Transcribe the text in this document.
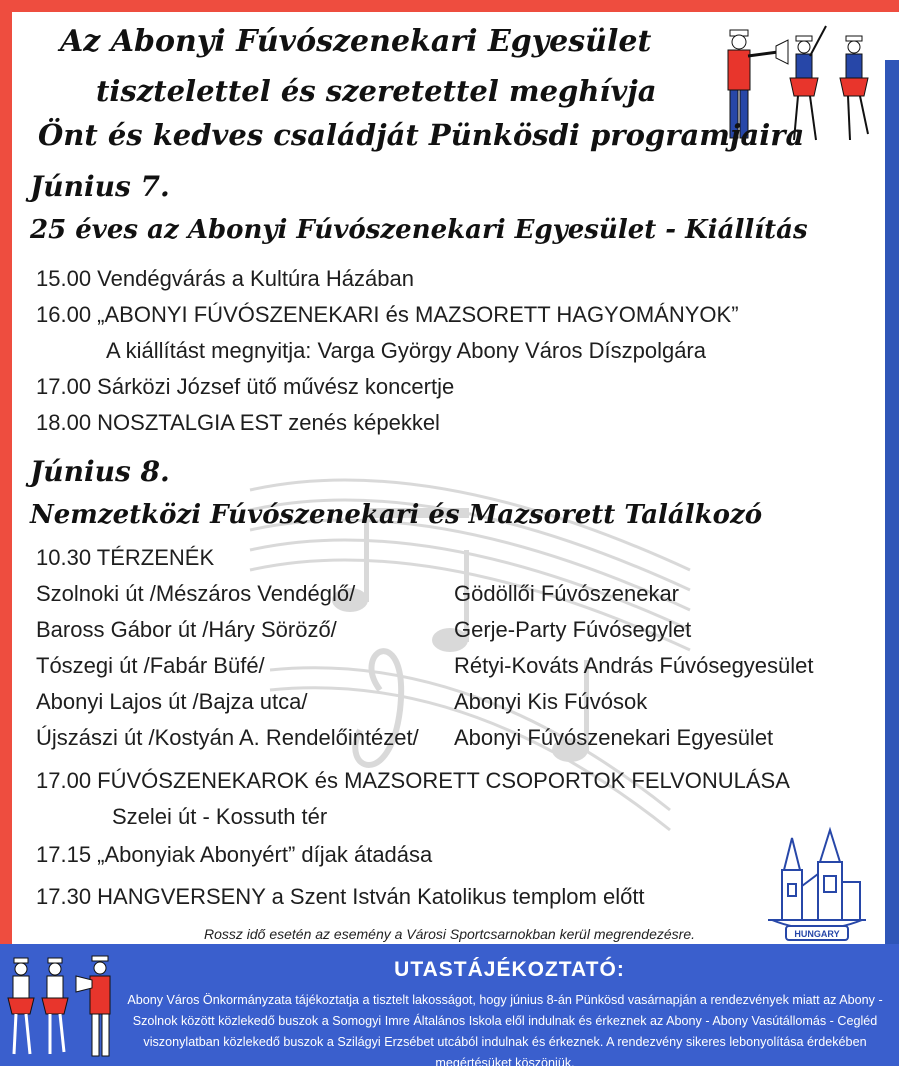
Az Abonyi Fúvószenekari Egyesület
tisztelettel és szeretettel meghívja
Önt és kedves családját Pünkösdi programjaira
Június 7.
25 éves az Abonyi Fúvószenekari Egyesület - Kiállítás
15.00 Vendégvárás a Kultúra Házában
16.00 „ABONYI FÚVÓSZENEKARI és MAZSORETT HAGYOMÁNYOK”
A kiállítást megnyitja: Varga György Abony Város Díszpolgára
17.00 Sárközi József ütő művész koncertje
18.00 NOSZTALGIA EST zenés képekkel
Június 8.
Nemzetközi Fúvószenekari és Mazsorett Találkozó
10.30 TÉRZENÉK
Szolnoki út /Mészáros Vendéglő/	Gödöllői Fúvószenekar
Baross Gábor út /Háry Söröző/	Gerje-Party Fúvósegylet
Tószegi út /Fabár Büfé/	Rétyi-Kováts András Fúvósegyesület
Abonyi Lajos út /Bajza utca/	Abonyi Kis Fúvósok
Újszászi út /Kostyán A. Rendelőintézet/ Abonyi Fúvószenekari Egyesület
17.00 FÚVÓSZENEKAROK és MAZSORETT CSOPORTOK FELVONULÁSA
Szelei út - Kossuth tér
17.15 „Abonyiak Abonyért” díjak átadása
17.30 HANGVERSENY a Szent István Katolikus templom előtt
Rossz idő esetén az esemény a Városi Sportcsarnokban kerül megrendezésre.	HUNGARY
UTASTÁJÉKOZTATÓ:
Abony Város Önkormányzata tájékoztatja a tisztelt lakosságot, hogy június 8-án Pünkösd vasárnapján a rendezvények miatt az Abony - Szolnok között közlekedő buszok a Somogyi Imre Általános Iskola elől indulnak és érkeznek az Abony - Abony Vasútállomás - Cegléd viszonylatban közlekedő buszok a Szilágyi Erzsébet utcából indulnak és érkeznek. A rendezvény sikeres lebonyolítása érdekében megértésüket köszönjük.
